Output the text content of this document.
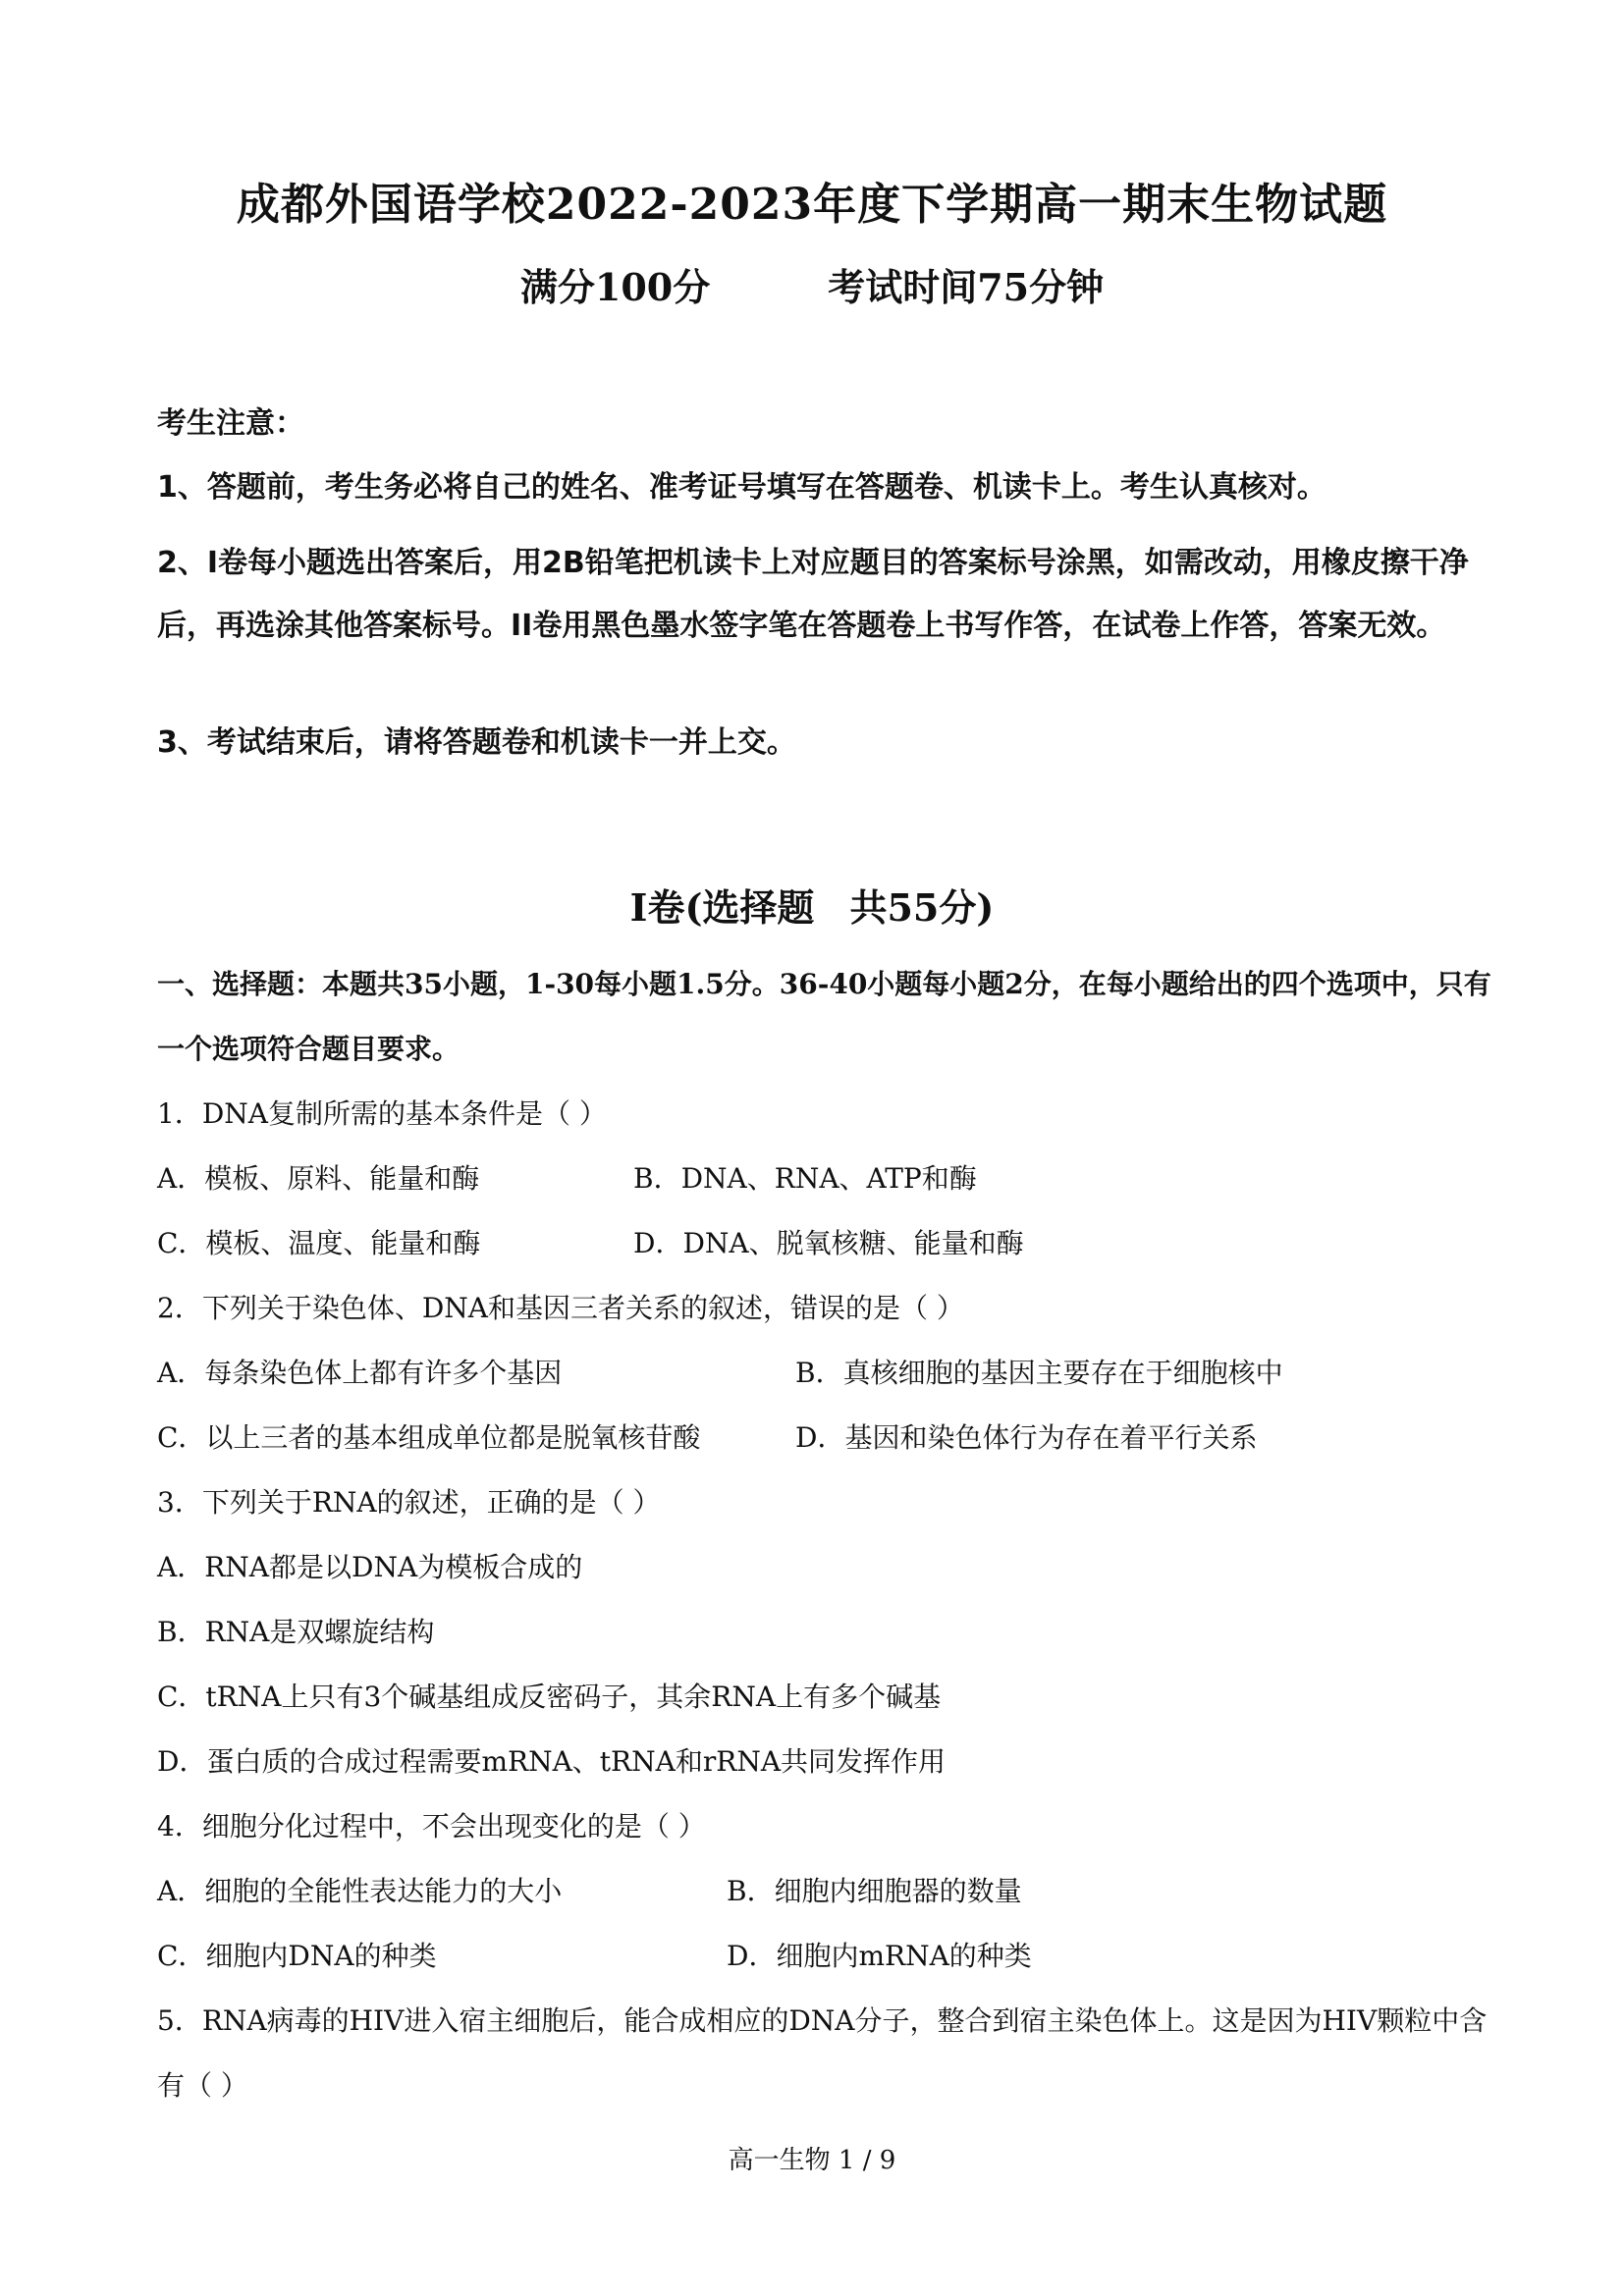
成都外国语学校2022-2023年度下学期高一期末生物试题
满分100分	考试时间75分钟
考生注意：
1、答题前，考生务必将自己的姓名、准考证号填写在答题卷、机读卡上。考生认真核对。
2、I卷每小题选出答案后，用2B铅笔把机读卡上对应题目的答案标号涂黑，如需改动，用橡皮擦干净后，再选涂其他答案标号。II卷用黑色墨水签字笔在答题卷上书写作答，在试卷上作答，答案无效。
3、考试结束后，请将答题卷和机读卡一并上交。
I卷(选择题 共55分)
一、选择题：本题共35小题，1-30每小题1.5分。36-40小题每小题2分，在每小题给出的四个选项中，只有一个选项符合题目要求。
1．DNA复制所需的基本条件是（ ）
A．模板、原料、能量和酶	B．DNA、RNA、ATP和酶
C．模板、温度、能量和酶	D．DNA、脱氧核糖、能量和酶
2．下列关于染色体、DNA和基因三者关系的叙述，错误的是（ ）
A．每条染色体上都有许多个基因	B．真核细胞的基因主要存在于细胞核中
C．以上三者的基本组成单位都是脱氧核苷酸	D．基因和染色体行为存在着平行关系
3．下列关于RNA的叙述，正确的是（ ）
A．RNA都是以DNA为模板合成的
B．RNA是双螺旋结构
C．tRNA上只有3个碱基组成反密码子，其余RNA上有多个碱基
D．蛋白质的合成过程需要mRNA、tRNA和rRNA共同发挥作用
4．细胞分化过程中，不会出现变化的是（ ）
A．细胞的全能性表达能力的大小	B．细胞内细胞器的数量
C．细胞内DNA的种类	D．细胞内mRNA的种类
5．RNA病毒的HIV进入宿主细胞后，能合成相应的DNA分子，整合到宿主染色体上。这是因为HIV颗粒中含有（ ）
高一生物 1 / 9
